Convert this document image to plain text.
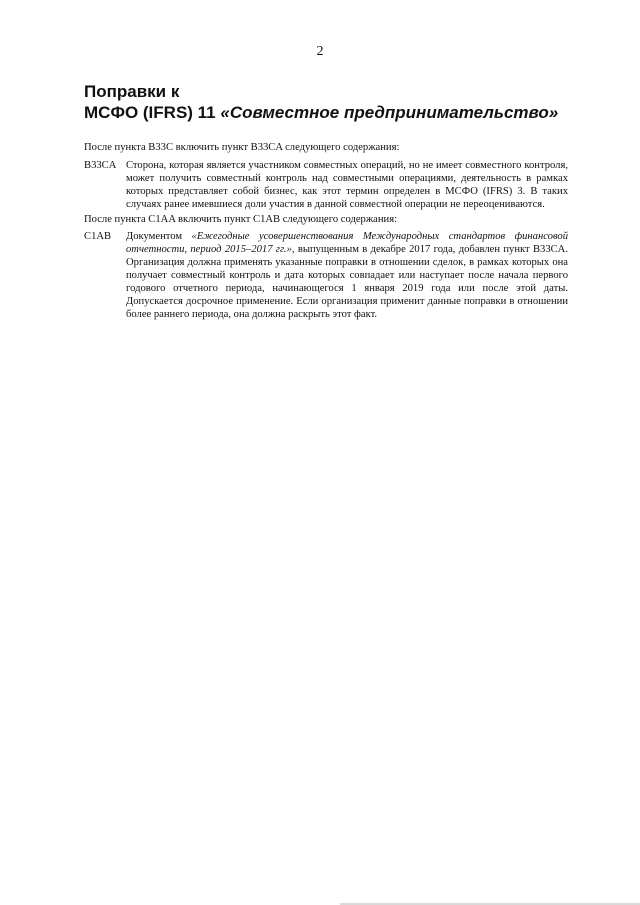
2
Поправки к
МСФО (IFRS) 11 «Совместное предпринимательство»
После пункта B33C включить пункт B33CA следующего содержания:
B33CA Сторона, которая является участником совместных операций, но не имеет совместного контроля, может получить совместный контроль над совместными операциями, деятельность в рамках которых представляет собой бизнес, как этот термин определен в МСФО (IFRS) 3. В таких случаях ранее имевшиеся доли участия в данной совместной операции не переоцениваются.
После пункта C1AA включить пункт C1AB следующего содержания:
C1AB	Документом «Ежегодные усовершенствования Международных стандартов финансовой отчетности, период 2015–2017 гг.», выпущенным в декабре 2017 года, добавлен пункт B33CA. Организация должна применять указанные поправки в отношении сделок, в рамках которых она получает совместный контроль и дата которых совпадает или наступает после начала первого годового отчетного периода, начинающегося 1 января 2019 года или после этой даты. Допускается досрочное применение. Если организация применит данные поправки в отношении более раннего периода, она должна раскрыть этот факт.
